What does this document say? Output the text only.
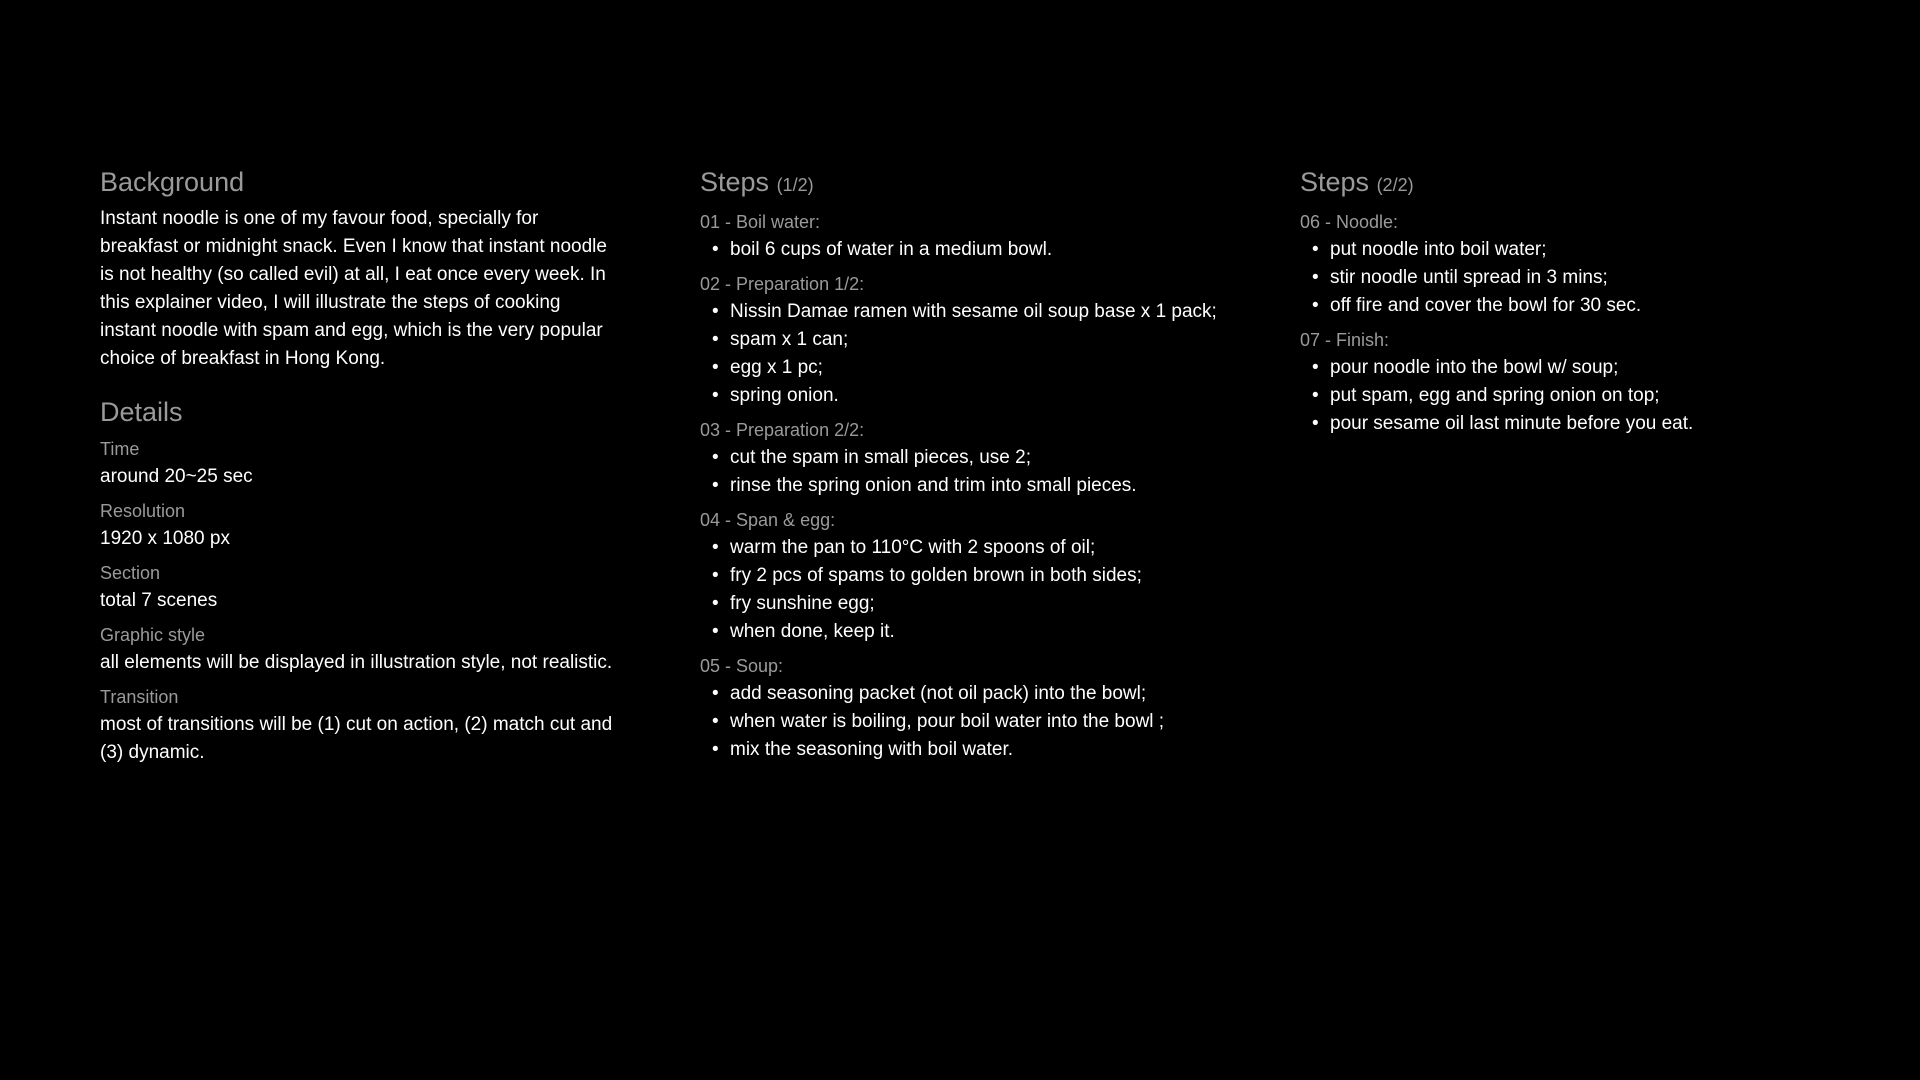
Background

Instant noodle is one of my favour food, specially for breakfast or midnight snack. Even I know that instant noodle is not healthy (so called evil) at all, I eat once every week. In this explainer video, I will illustrate the steps of cooking instant noodle with spam and egg, which is the very popular choice of breakfast in Hong Kong.

Details

Time

around 20~25 sec

Resolution

1920 x 1080 px

Section

total 7 scenes

Graphic style

all elements will be displayed in illustration style, not realistic.

Transition

most of transitions will be (1) cut on action, (2) match cut and (3) dynamic.

Steps (1/2)

01 - Boil water:

• boil 6 cups of water in a medium bowl.

02 - Preparation 1/2:

• Nissin Damae ramen with sesame oil soup base x 1 pack;
• spam x 1 can;
• egg x 1 pc;
• spring onion.

03 - Preparation 2/2:

• cut the spam in small pieces, use 2;
• rinse the spring onion and trim into small pieces.

04 - Span & egg:

• warm the pan to 110°C with 2 spoons of oil;
• fry 2 pcs of spams to golden brown in both sides;
• fry sunshine egg;
• when done, keep it.

05 - Soup:

• add seasoning packet (not oil pack) into the bowl;
• when water is boiling, pour boil water into the bowl ;
• mix the seasoning with boil water.
Steps (2/2)

06 - Noodle:

• put noodle into boil water;
• stir noodle until spread in 3 mins;
• off fire and cover the bowl for 30 sec.

07 - Finish:

• pour noodle into the bowl w/ soup;
• put spam, egg and spring onion on top;
• pour sesame oil last minute before you eat.
